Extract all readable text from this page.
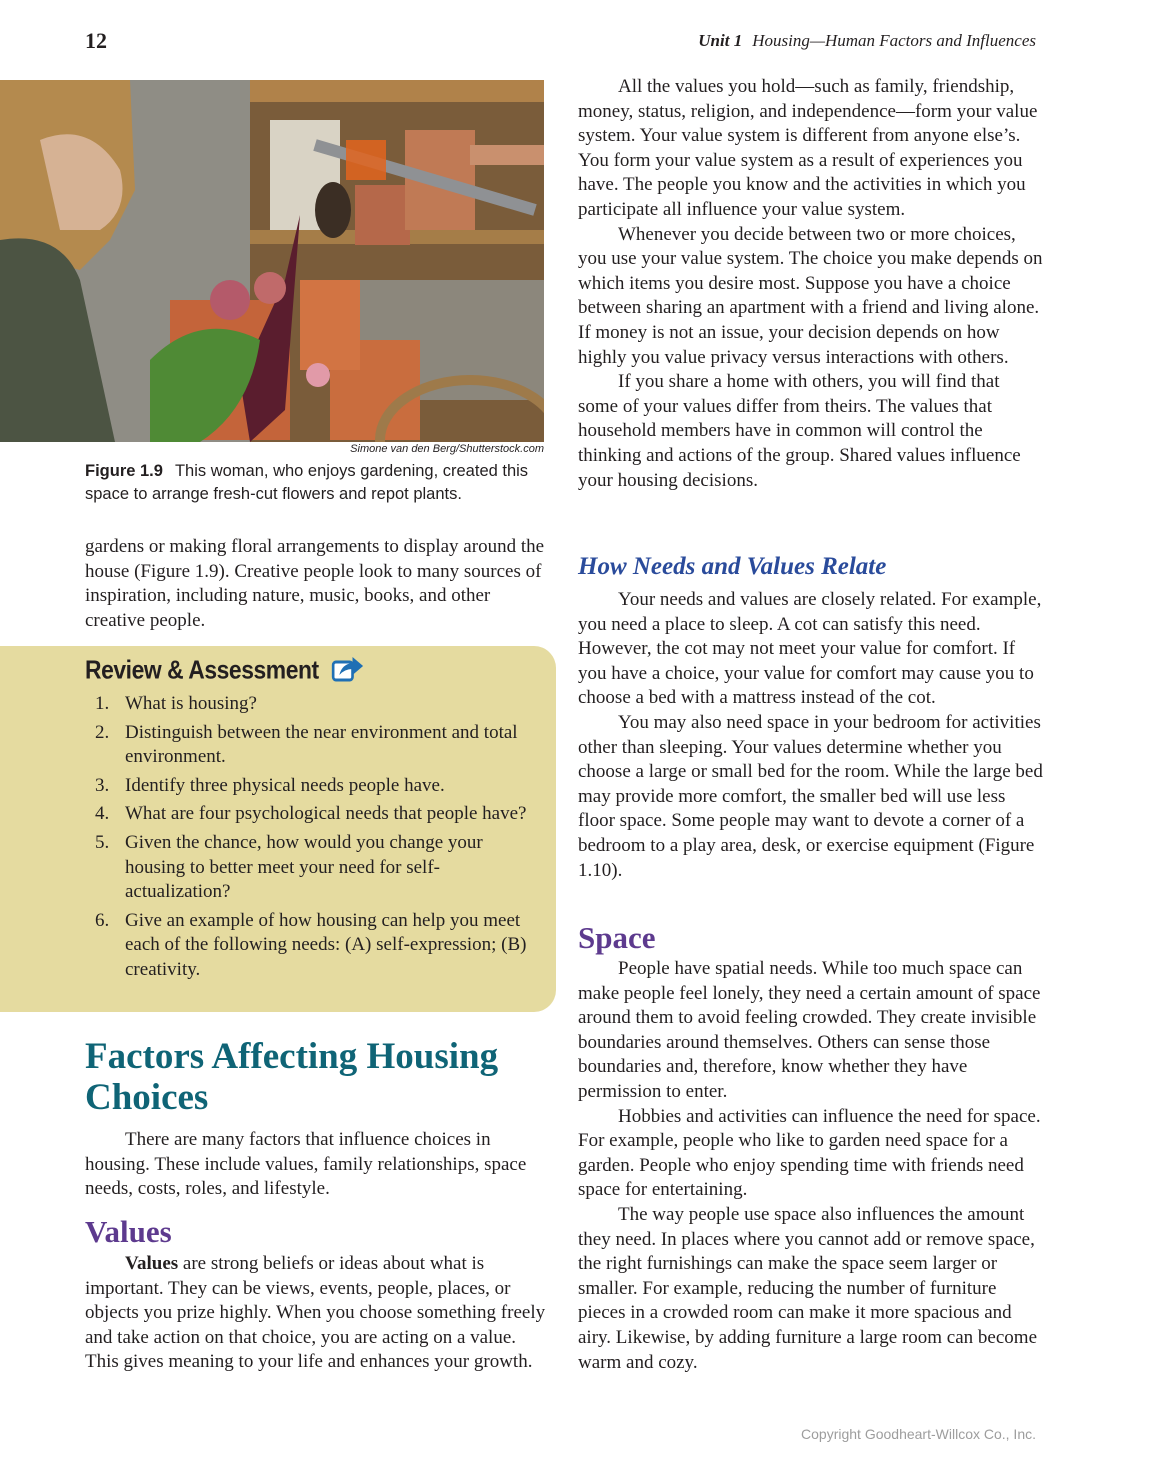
12	Unit 1 Housing—Human Factors and Influences
Simone van den Berg/Shutterstock.com
Figure 1.9 This woman, who enjoys gardening, created this space to arrange fresh-cut flowers and repot plants.

gardens or making floral arrangements to display around the house (Figure 1.9). Creative people look to many sources of inspiration, including nature, music, books, and other creative people.

Review & Assessment
1. What is housing?
2. Distinguish between the near environment and total environment.
3. Identify three physical needs people have.
4. What are four psychological needs that people have?
5. Given the chance, how would you change your housing to better meet your need for self-actualization?
6. Give an example of how housing can help you meet each of the following needs: (A) self-expression; (B) creativity.
Factors Affecting Housing Choices

There are many factors that influence choices in housing. These include values, family relationships, space needs, costs, roles, and lifestyle.

Values

Values are strong beliefs or ideas about what is important. They can be views, events, people, places, or objects you prize highly. When you choose something freely and take action on that choice, you are acting on a value. This gives meaning to your life and enhances your growth.

All the values you hold—such as family, friendship, money, status, religion, and independence—form your value system. Your value system is different from anyone else’s. You form your value system as a result of experiences you have. The people you know and the activities in which you participate all influence your value system.

Whenever you decide between two or more choices, you use your value system. The choice you make depends on which items you desire most. Suppose you have a choice between sharing an apartment with a friend and living alone. If money is not an issue, your decision depends on how highly you value privacy versus interactions with others.

If you share a home with others, you will find that some of your values differ from theirs. The values that household members have in common will control the thinking and actions of the group. Shared values influence your housing decisions.

How Needs and Values Relate

Your needs and values are closely related. For example, you need a place to sleep. A cot can satisfy this need. However, the cot may not meet your value for comfort. If you have a choice, your value for comfort may cause you to choose a bed with a mattress instead of the cot.

You may also need space in your bedroom for activities other than sleeping. Your values determine whether you choose a large or small bed for the room. While the large bed may provide more comfort, the smaller bed will use less floor space. Some people may want to devote a corner of a bedroom to a play area, desk, or exercise equipment (Figure 1.10).

Space

People have spatial needs. While too much space can make people feel lonely, they need a certain amount of space around them to avoid feeling crowded. They create invisible boundaries around themselves. Others can sense those boundaries and, therefore, know whether they have permission to enter.

Hobbies and activities can influence the need for space. For example, people who like to garden need space for a garden. People who enjoy spending time with friends need space for entertaining.

The way people use space also influences the amount they need. In places where you cannot add or remove space, the right furnishings can make the space seem larger or smaller. For example, reducing the number of furniture pieces in a crowded room can make it more spacious and airy. Likewise, by adding furniture a large room can become warm and cozy.

Copyright Goodheart-Willcox Co., Inc.
